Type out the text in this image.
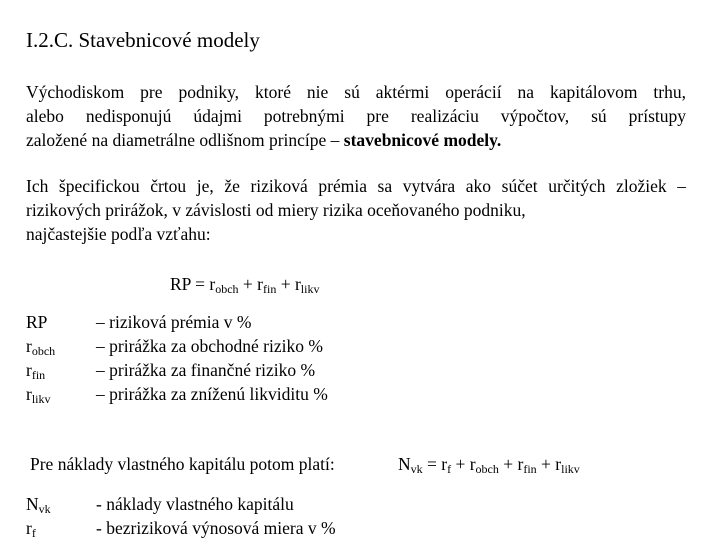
I.2.C. Stavebnicové modely
Východiskom pre podniky, ktoré nie sú aktérmi operácií na kapitálovom trhu,
alebo nedisponujú údajmi potrebnými pre realizáciu výpočtov, sú prístupy
založené na diametrálne odlišnom princípe – stavebnicové modely.
Ich špecifickou črtou je, že riziková prémia sa vytvára ako súčet určitých zložiek –
rizikových prirážok, v závislosti od miery rizika oceňovaného podniku,
najčastejšie podľa vzťahu:
RP = $r_{obch} + r_{fin} + r_{likv}$
RP
$r_{obch}$
$r_{fin}$
$r_{likv}$
– riziková prémia v %
– prirážka za obchodné riziko %
– prirážka za finančné riziko %
– prirážka za zníženú likviditu %
Pre náklady vlastného kapitálu potom platí:	$N_{vk} = r_f + r_{obch} + r_{fin} + r_{likv}$
$N_{vk}$
$r_f$
- náklady vlastného kapitálu
- bezriziková výnosová miera v %
